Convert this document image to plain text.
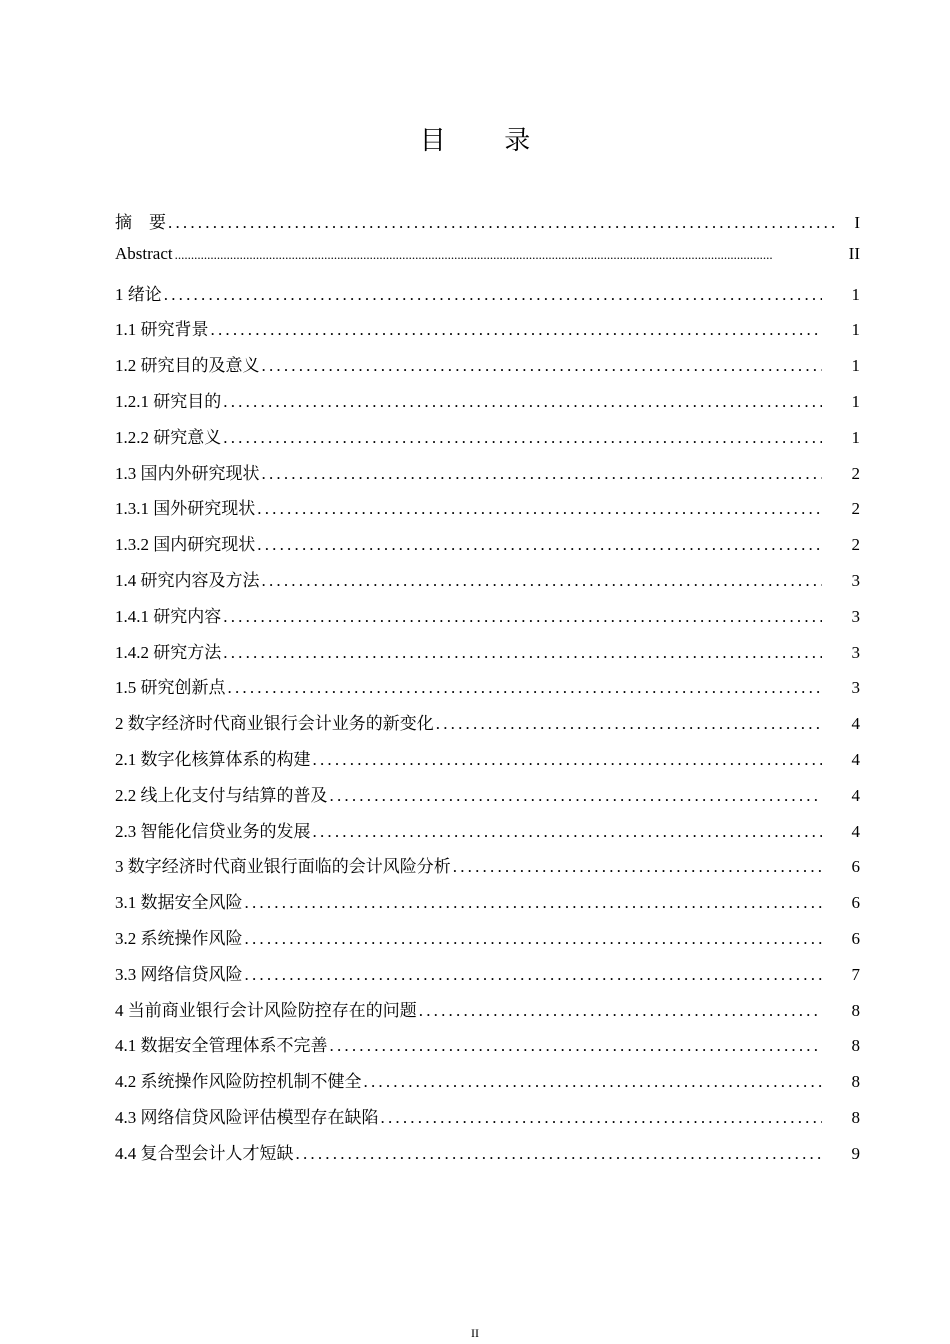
目 录
摘　要 .....	I
Abstract .....	II
1 绪论 .....	1
1.1 研究背景 .....	1
1.2 研究目的及意义 .....	1
1.2.1 研究目的 .....	1
1.2.2 研究意义 .....	1
1.3 国内外研究现状 .....	2
1.3.1 国外研究现状 .....	2
1.3.2 国内研究现状 .....	2
1.4 研究内容及方法 .....	3
1.4.1 研究内容 .....	3
1.4.2 研究方法 .....	3
1.5 研究创新点 .....	3
2 数字经济时代商业银行会计业务的新变化 .....	4
2.1 数字化核算体系的构建 .....	4
2.2 线上化支付与结算的普及 .....	4
2.3 智能化信贷业务的发展 .....	4
3 数字经济时代商业银行面临的会计风险分析 .....	6
3.1 数据安全风险 .....	6
3.2 系统操作风险 .....	6
3.3 网络信贷风险 .....	7
4 当前商业银行会计风险防控存在的问题 .....	8
4.1 数据安全管理体系不完善 .....	8
4.2 系统操作风险防控机制不健全 .....	8
4.3 网络信贷风险评估模型存在缺陷 .....	8
4.4 复合型会计人才短缺 .....	9
II
